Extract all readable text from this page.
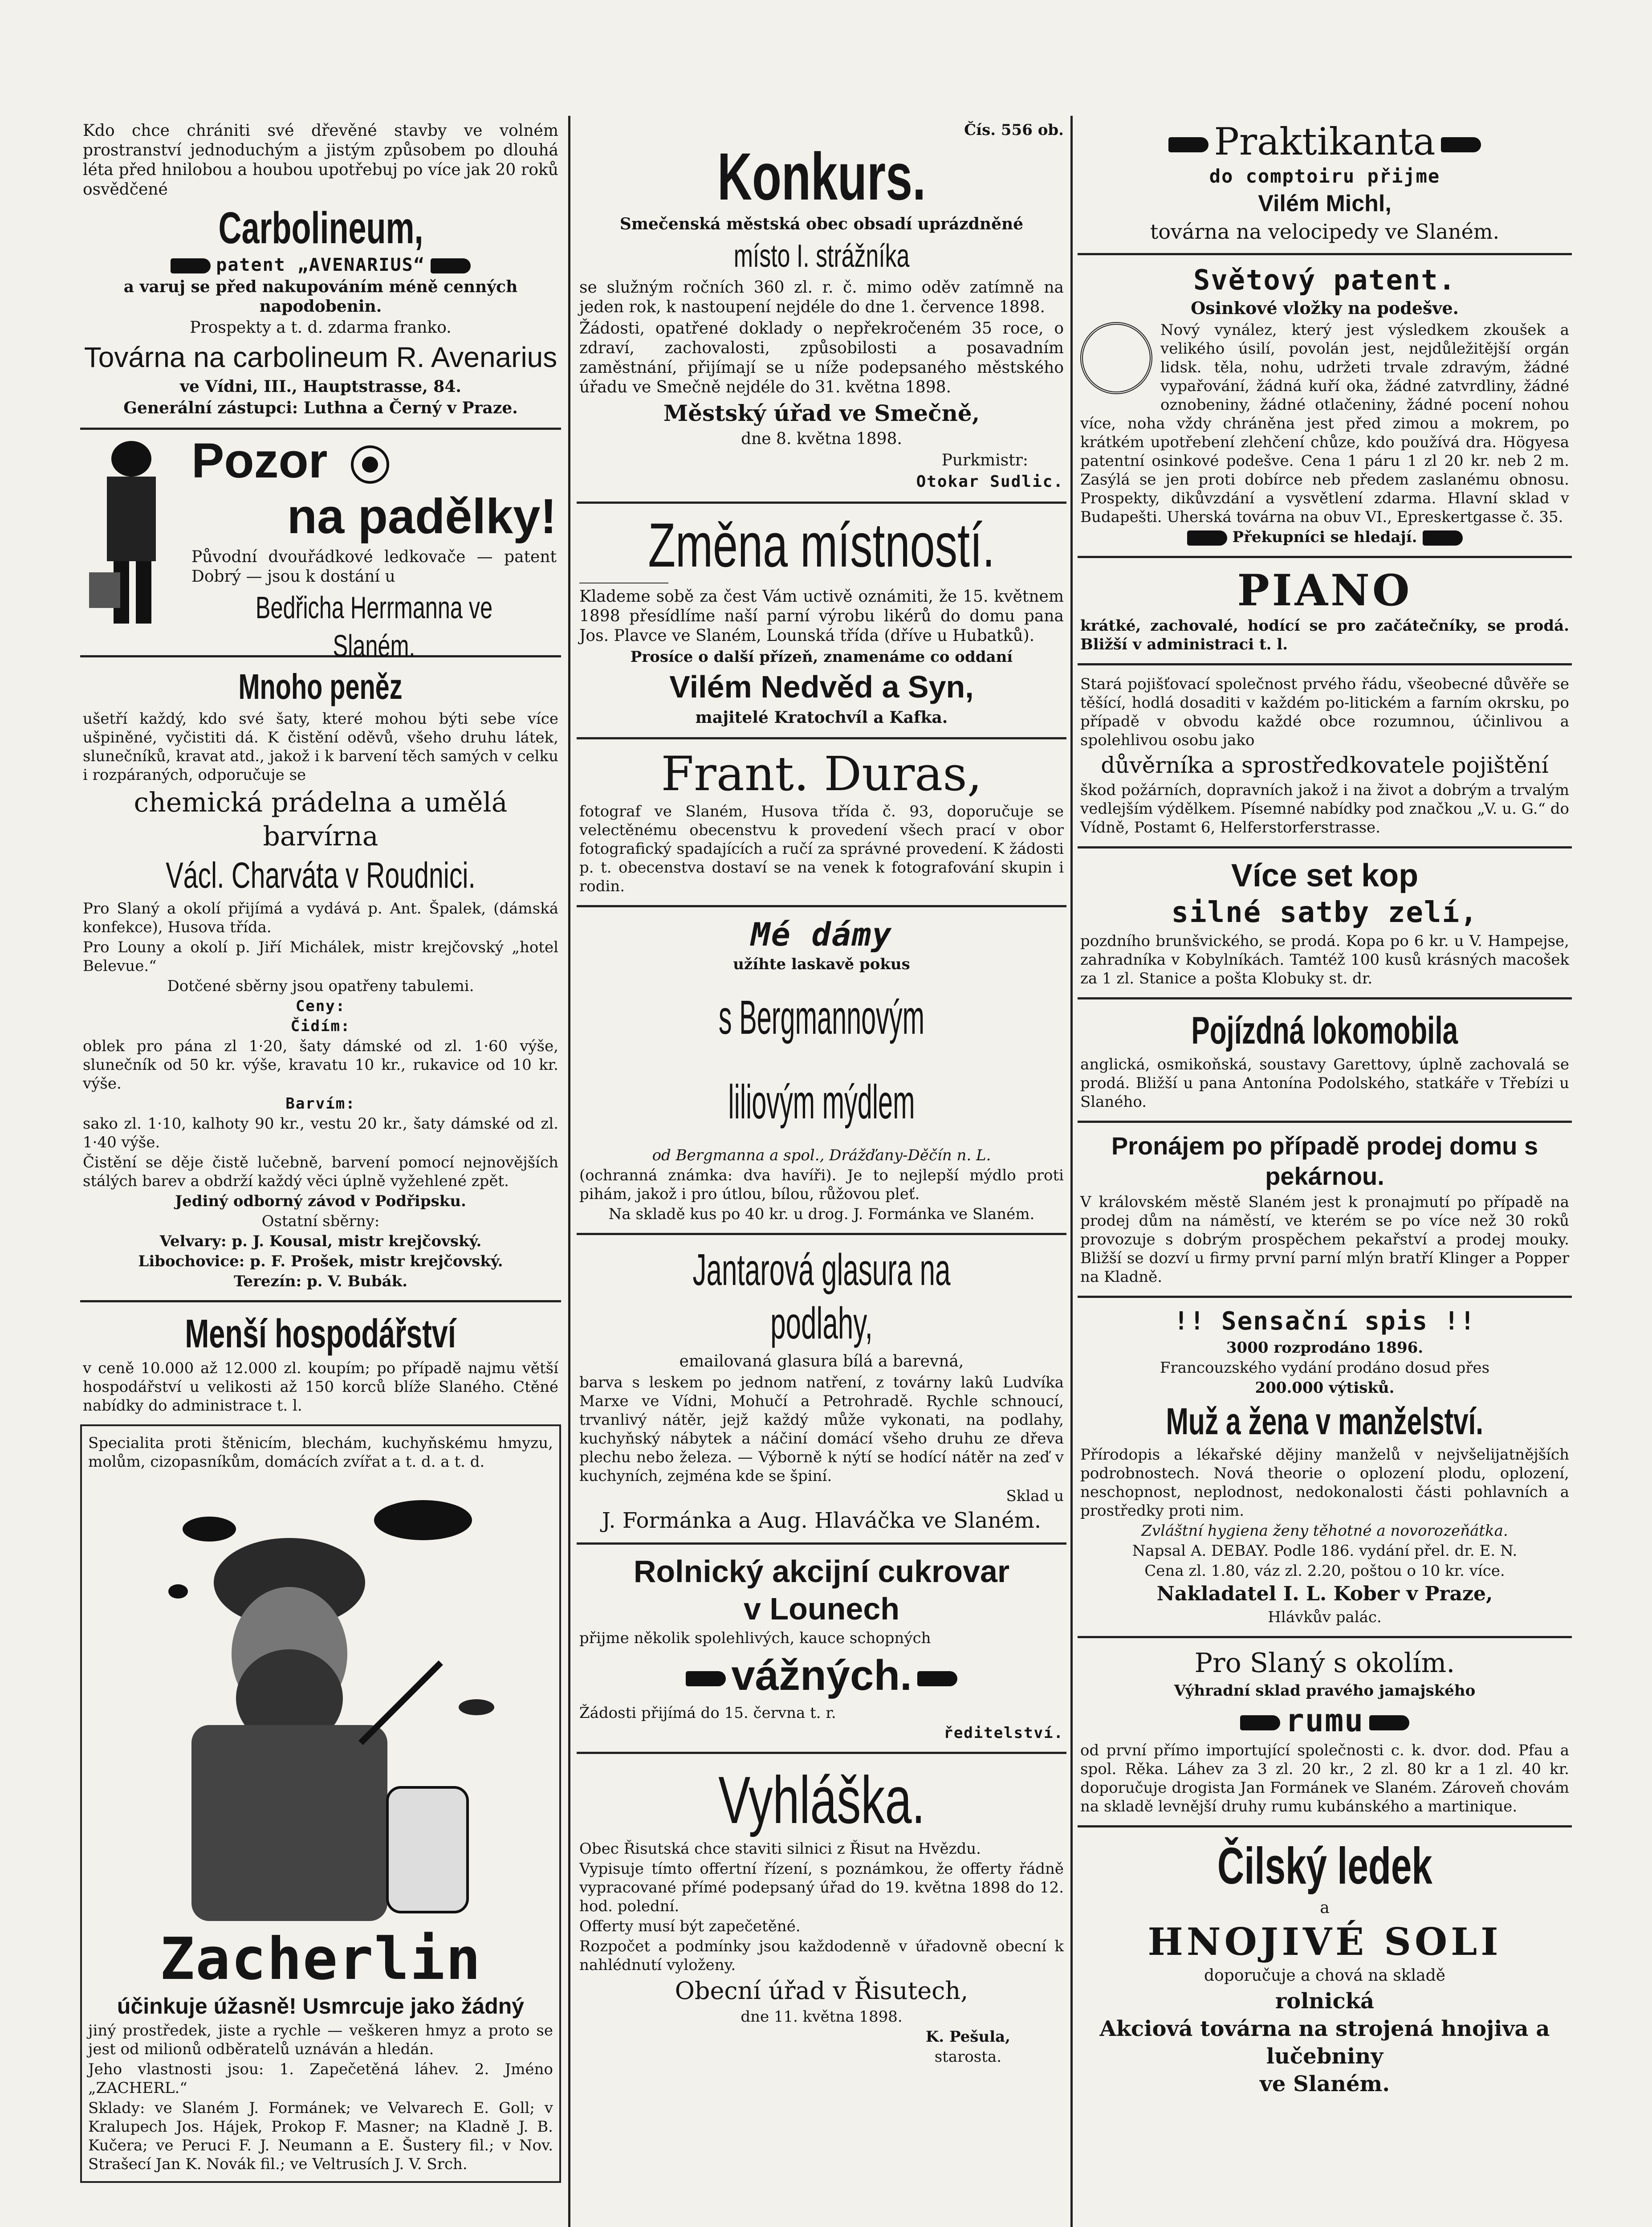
Kdo chce chrániti své dřevěné stavby ve volném prostranství jednoduchým a jistým způsobem po dlouhá léta před hnilobou a houbou upotřebuj po více jak 20 roků osvědčené
Carbolineum,
patent „AVENARIUS“
a varuj se před nakupováním méně cenných napodobenin.
Prospekty a t. d. zdarma franko.
Továrna na carbolineum R. Avenarius
ve Vídni, III., Hauptstrasse, 84.
Generální zástupci: Luthna a Černý v Praze.
Pozor
na padělky!
Původní dvouřádkové ledkovače — patent Dobrý — jsou k dostání u
Bedřicha Herrmanna ve Slaném.
Mnoho peněz
ušetří každý, kdo své šaty, které mohou býti sebe více ušpiněné, vyčistiti dá. K čistění oděvů, všeho druhu látek, slunečníků, kravat atd., jakož i k barvení těch samých v celku i rozpáraných, odporučuje se
chemická prádelna a umělá barvírna
Václ. Charváta v Roudnici.
Pro Slaný a okolí přijímá a vydává p. Ant. Špalek, (dámská konfekce), Husova třída.
Pro Louny a okolí p. Jiří Michálek, mistr krejčovský „hotel Belevue.“
Dotčené sběrny jsou opatřeny tabulemi.
Ceny:
Čidím:
oblek pro pána zl 1·20, šaty dámské od zl. 1·60 výše, slunečník od 50 kr. výše, kravatu 10 kr., rukavice od 10 kr. výše.
Barvím:
sako zl. 1·10, kalhoty 90 kr., vestu 20 kr., šaty dámské od zl. 1·40 výše.
Čistění se děje čistě lučebně, barvení pomocí nejnovějších stálých barev a obdrží každý věci úplně vyžehlené zpět.
Jediný odborný závod v Podřipsku.
Ostatní sběrny:
Velvary: p. J. Kousal, mistr krejčovský.
Libochovice: p. F. Prošek, mistr krejčovský.
Terezín: p. V. Bubák.
Menší hospodářství
v ceně 10.000 až 12.000 zl. koupím; po případě najmu větší hospodářství u velikosti až 150 korců blíže Slaného. Ctěné nabídky do administrace t. l.
Specialita proti štěnicím, blechám, kuchyňskému hmyzu, molům, cizopasníkům, domácích zvířat a t. d. a t. d.
Zacherlin
účinkuje úžasně! Usmrcuje jako žádný
jiný prostředek, jiste a rychle — veškeren hmyz a proto se jest od milionů odběratelů uznáván a hledán.
Jeho vlastnosti jsou: 1. Zapečetěná láhev. 2. Jméno „ZACHERL.“
Sklady: ve Slaném J. Formánek; ve Velvarech E. Goll; v Kralupech Jos. Hájek, Prokop F. Masner; na Kladně J. B. Kučera; ve Peruci F. J. Neumann a E. Šustery fil.; v Nov. Strašecí Jan K. Novák fil.; ve Veltrusích J. V. Srch.
Čís. 556 ob.
Konkurs.
Smečenská městská obec obsadí uprázdněné
místo I. strážníka
se služným ročních 360 zl. r. č. mimo oděv zatímně na jeden rok, k nastoupení nejdéle do dne 1. července 1898.
Žádosti, opatřené doklady o nepřekročeném 35 roce, o zdraví, zachovalosti, způsobilosti a posavadním zaměstnání, přijímají se u níže podepsaného městského úřadu ve Smečně nejdéle do 31. května 1898.
Městský úřad ve Smečně,
dne 8. května 1898.
Purkmistr:
Otokar Sudlic.
Změna místností.
Klademe sobě za čest Vám uctivě oznámiti, že 15. květnem 1898 přesídlíme naší parní výrobu likérů do domu pana Jos. Plavce ve Slaném, Lounská třída (dříve u Hubatků).
Prosíce o další přízeň, znamenáme co oddaní
Vilém Nedvěd a Syn,
majitelé Kratochvíl a Kafka.
Frant. Duras,
fotograf ve Slaném, Husova třída č. 93, doporučuje se velectěnému obecenstvu k provedení všech prací v obor fotografický spadajících a ručí za správné provedení. K žádosti p. t. obecenstva dostaví se na venek k fotografování skupin i rodin.
Mé dámy
užíhte laskavě pokus
s Bergmannovým liliovým mýdlem
od Bergmanna a spol., Drážďany-Děčín n. L.
(ochranná známka: dva havíři). Je to nejlepší mýdlo proti pihám, jakož i pro útlou, bílou, růžovou pleť.
Na skladě kus po 40 kr. u drog. J. Formánka ve Slaném.
Jantarová glasura na podlahy,
emailovaná glasura bílá a barevná,
barva s leskem po jednom natření, z továrny lakû Ludvíka Marxe ve Vídni, Mohučí a Petrohradě. Rychle schnoucí, trvanlivý nátěr, jejž každý může vykonati, na podlahy, kuchyňský nábytek a náčiní domácí všeho druhu ze dřeva plechu nebo železa. — Výborně k nýtí se hodící nátěr na zeď v kuchyních, zejména kde se špiní.
Sklad u
J. Formánka a Aug. Hlaváčka ve Slaném.
Rolnický akcijní cukrovar
v Lounech
přijme několik spolehlivých, kauce schopných
vážných.
Žádosti přijímá do 15. června t. r.
ředitelství.
Vyhláška.
Obec Řisutská chce staviti silnici z Řisut na Hvězdu.
Vypisuje tímto offertní řízení, s poznámkou, že offerty řádně vypracované přímé podepsaný úřad do 19. května 1898 do 12. hod. polední.
Offerty musí být zapečetěné.
Rozpočet a podmínky jsou každodenně v úřadovně obecní k nahlédnutí vyloženy.
Obecní úřad v Řisutech,
dne 11. května 1898.
K. Pešula,
starosta.
Praktikanta
do comptoiru přijme
Vilém Michl,
továrna na velocipedy ve Slaném.
Světový patent.
Osinkové vložky na podešve.
Nový vynález, který jest výsledkem zkoušek a velikého úsilí, povolán jest, nejdůležitější orgán lidsk. těla, nohu, udržeti trvale zdravým, žádné vypařování, žádná kuří oka, žádné zatvrdliny, žádné oznobeniny, žádné otlačeniny, žádné pocení nohou více, noha vždy chráněna jest před zimou a mokrem, po krátkém upotřebení zlehčení chůze, kdo používá dra. Högyesa patentní osinkové podešve. Cena 1 páru 1 zl 20 kr. neb 2 m. Zasýlá se jen proti dobírce neb předem zaslanému obnosu. Prospekty, dikůvzdání a vysvětlení zdarma. Hlavní sklad v Budapešti. Uherská továrna na obuv VI., Epreskertgasse č. 35.
Překupníci se hledají.
PIANO
krátké, zachovalé, hodící se pro začátečníky, se prodá. Bližší v administraci t. l.
Stará pojišťovací společnost prvého řádu, všeobecné důvěře se těšící, hodlá dosaditi v každém po-litickém a farním okrsku, po případě v obvodu každé obce rozumnou, účinlivou a spolehlivou osobu jako
důvěrníka a sprostředkovatele pojištění
škod požárních, dopravních jakož i na život a dobrým a trvalým vedlejším výdělkem. Písemné nabídky pod značkou „V. u. G.“ do Vídně, Postamt 6, Helferstorferstrasse.
Více set kop
silné satby zelí,
pozdního brunšvického, se prodá. Kopa po 6 kr. u V. Hampejse, zahradníka v Kobylníkách. Tamtéž 100 kusů krásných macošek za 1 zl. Stanice a pošta Klobuky st. dr.
Pojízdná lokomobila
anglická, osmikoňská, soustavy Garettovy, úplně zachovalá se prodá. Bližší u pana Antonína Podolského, statkáře v Třebízi u Slaného.
Pronájem po případě prodej domu s pekárnou.
V královském městě Slaném jest k pronajmutí po případě na prodej dům na náměstí, ve kterém se po více než 30 roků provozuje s dobrým prospěchem pekařství a prodej mouky. Bližší se dozví u firmy první parní mlýn bratří Klinger a Popper na Kladně.
!! Sensační spis !!
3000 rozprodáno 1896.
Francouzského vydání prodáno dosud přes
200.000 výtisků.
Muž a žena v manželství.
Přírodopis a lékařské dějiny manželů v nejvšelijatnějších podrobnostech. Nová theorie o oplození plodu, oplození, neschopnost, neplodnost, nedokonalosti části pohlavních a prostředky proti nim.
Zvláštní hygiena ženy těhotné a novorozeňátka.
Napsal A. DEBAY. Podle 186. vydání přel. dr. E. N.
Cena zl. 1.80, váz zl. 2.20, poštou o 10 kr. více.
Nakladatel I. L. Kober v Praze,
Hlávkův palác.
Pro Slaný s okolím.
Výhradní sklad pravého jamajského
rumu
od první přímo importující společnosti c. k. dvor. dod. Pfau a spol. Rěka. Láhev za 3 zl. 20 kr., 2 zl. 80 kr a 1 zl. 40 kr. doporučuje drogista Jan Formánek ve Slaném. Zároveň chovám na skladě levnější druhy rumu kubánského a martinique.
Čilský ledek
a
HNOJIVÉ SOLI
doporučuje a chová na skladě
rolnická
Akciová továrna na strojená hnojiva a lučebniny
ve Slaném.
